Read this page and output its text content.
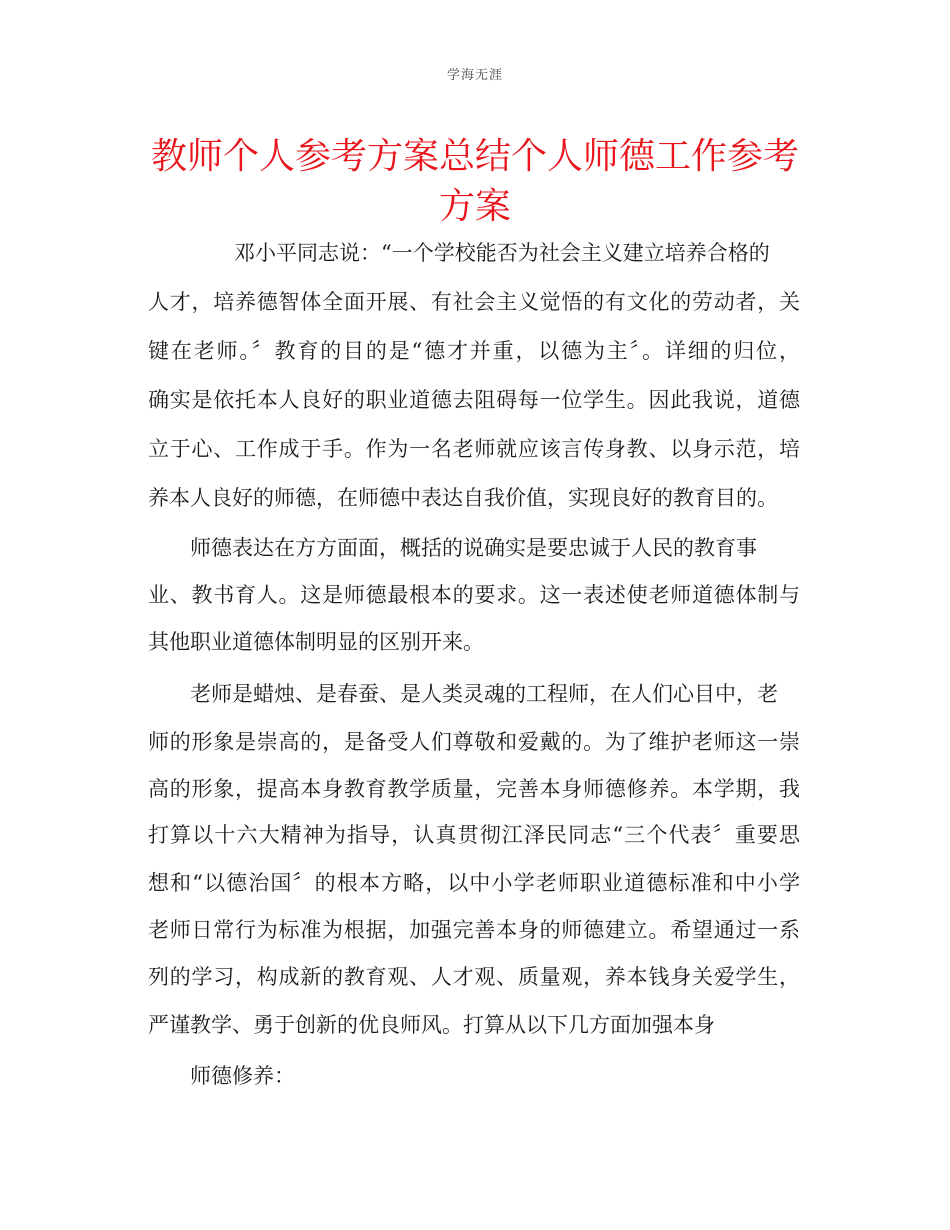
学海无涯
教师个人参考方案总结个人师德工作参考
方案
邓小平同志说：“一个学校能否为社会主义建立培养合格的
人才，培养德智体全面开展、有社会主义觉悟的有文化的劳动者，关
键在老师。〞教育的目的是“德才并重，以德为主〞。详细的归位，
确实是依托本人良好的职业道德去阻碍每一位学生。因此我说，道德
立于心、工作成于手。作为一名老师就应该言传身教、以身示范，培
养本人良好的师德，在师德中表达自我价值，实现良好的教育目的。
师德表达在方方面面，概括的说确实是要忠诚于人民的教育事
业、教书育人。这是师德最根本的要求。这一表述使老师道德体制与
其他职业道德体制明显的区别开来。
老师是蜡烛、是春蚕、是人类灵魂的工程师，在人们心目中，老
师的形象是崇高的，是备受人们尊敬和爱戴的。为了维护老师这一崇
高的形象，提高本身教育教学质量，完善本身师德修养。本学期，我
打算以十六大精神为指导，认真贯彻江泽民同志“三个代表〞重要思
想和“以德治国〞的根本方略，以中小学老师职业道德标准和中小学
老师日常行为标准为根据，加强完善本身的师德建立。希望通过一系
列的学习，构成新的教育观、人才观、质量观，养本钱身关爱学生，
严谨教学、勇于创新的优良师风。打算从以下几方面加强本身
师德修养：
